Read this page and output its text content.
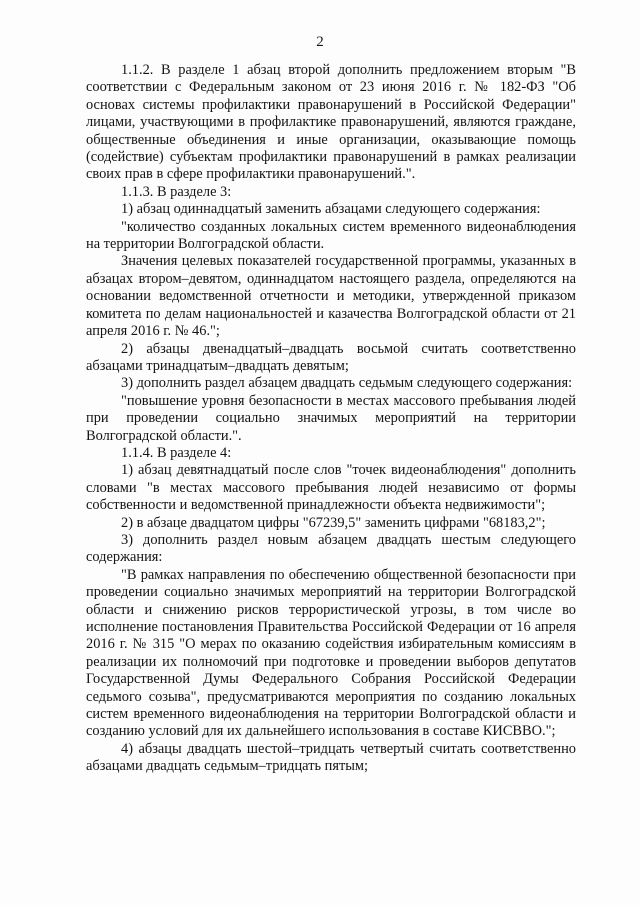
2

1.1.2. В разделе 1 абзац второй дополнить предложением вторым "В соответствии с Федеральным законом от 23 июня 2016 г. № 182-ФЗ "Об основах системы профилактики правонарушений в Российской Федерации" лицами, участвующими в профилактике правонарушений, являются граждане, общественные объединения и иные организации, оказывающие помощь (содействие) субъектам профилактики правонарушений в рамках реализации своих прав в сфере профилактики правонарушений.".

1.1.3. В разделе 3:

1) абзац одиннадцатый заменить абзацами следующего содержания:

"количество созданных локальных систем временного видеонаблюдения на территории Волгоградской области.

Значения целевых показателей государственной программы, указанных в абзацах втором–девятом, одиннадцатом настоящего раздела, определяются на основании ведомственной отчетности и методики, утвержденной приказом комитета по делам национальностей и казачества Волгоградской области от 21 апреля 2016 г. № 46.";

2) абзацы двенадцатый–двадцать восьмой считать соответственно абзацами тринадцатым–двадцать девятым;

3) дополнить раздел абзацем двадцать седьмым следующего содержания:

"повышение уровня безопасности в местах массового пребывания людей при проведении социально значимых мероприятий на территории Волгоградской области.".

1.1.4. В разделе 4:

1) абзац девятнадцатый после слов "точек видеонаблюдения" дополнить словами "в местах массового пребывания людей независимо от формы собственности и ведомственной принадлежности объекта недвижимости";

2) в абзаце двадцатом цифры "67239,5" заменить цифрами "68183,2";

3) дополнить раздел новым абзацем двадцать шестым следующего содержания:

"В рамках направления по обеспечению общественной безопасности при проведении социально значимых мероприятий на территории Волгоградской области и снижению рисков террористической угрозы, в том числе во исполнение постановления Правительства Российской Федерации от 16 апреля 2016 г. № 315 "О мерах по оказанию содействия избирательным комиссиям в реализации их полномочий при подготовке и проведении выборов депутатов Государственной Думы Федерального Собрания Российской Федерации седьмого созыва", предусматриваются мероприятия по созданию локальных систем временного видеонаблюдения на территории Волгоградской области и созданию условий для их дальнейшего использования в составе КИСВВО.";

4) абзацы двадцать шестой–тридцать четвертый считать соответственно абзацами двадцать седьмым–тридцать пятым;
